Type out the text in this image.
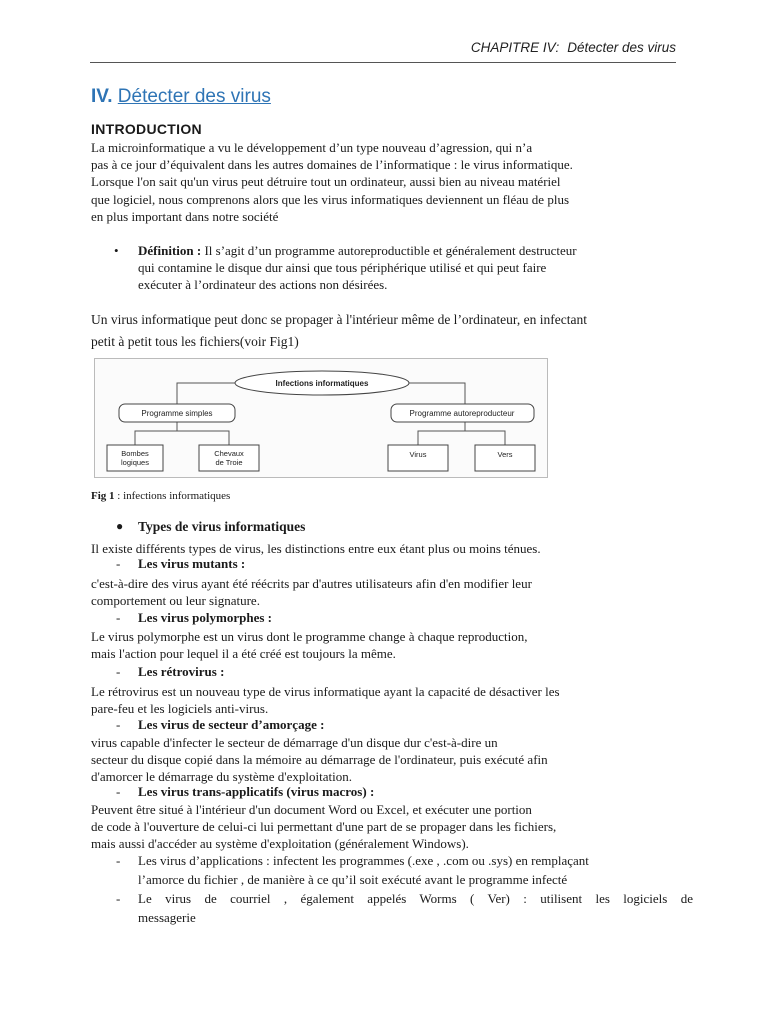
CHAPITRE IV: Détecter des virus
IV. Détecter des virus
INTRODUCTION

La microinformatique a vu le développement d’un type nouveau d’agression, qui n’a
pas à ce jour d’équivalent dans les autres domaines de l’informatique : le virus informatique.
Lorsque l'on sait qu'un virus peut détruire tout un ordinateur, aussi bien au niveau matériel
que logiciel, nous comprenons alors que les virus informatiques deviennent un fléau de plus
en plus important dans notre société

• Définition : Il s’agit d’un programme autoreproductible et généralement destructeur
qui contamine le disque dur ainsi que tous périphérique utilisé et qui peut faire
exécuter à l’ordinateur des actions non désirées.

Un virus informatique peut donc se propager à l'intérieur même de l’ordinateur, en infectant
petit à petit tous les fichiers(voir Fig1)

Infections informatiques
Programme simples	Programme autoreproducteur
Bombes logiques
Chevaux de Troie
Virus	Vers
Fig 1 : infections informatiques
● Types de virus informatiques

Il existe différents types de virus, les distinctions entre eux étant plus ou moins ténues.

- Les virus mutants :

c'est-à-dire des virus ayant été réécrits par d'autres utilisateurs afin d'en modifier leur
comportement ou leur signature.

- Les virus polymorphes :

Le virus polymorphe est un virus dont le programme change à chaque reproduction,
mais l'action pour lequel il a été créé est toujours la même.

- Les rétrovirus :

Le rétrovirus est un nouveau type de virus informatique ayant la capacité de désactiver les
pare-feu et les logiciels anti-virus.

- Les virus de secteur d’amorçage :

virus capable d'infecter le secteur de démarrage d'un disque dur c'est-à-dire un
secteur du disque copié dans la mémoire au démarrage de l'ordinateur, puis exécuté afin
d'amorcer le démarrage du système d'exploitation.

- Les virus trans-applicatifs (virus macros) :

Peuvent être situé à l'intérieur d'un document Word ou Excel, et exécuter une portion
de code à l'ouverture de celui-ci lui permettant d'une part de se propager dans les fichiers,
mais aussi d'accéder au système d'exploitation (généralement Windows).

- Les virus d’applications : infectent les programmes (.exe , .com ou .sys) en remplaçant
l’amorce du fichier , de manière à ce qu’il soit exécuté avant le programme infecté
- Le virus de courriel , également appelés Worms ( Ver) : utilisent les logiciels de
messagerie
